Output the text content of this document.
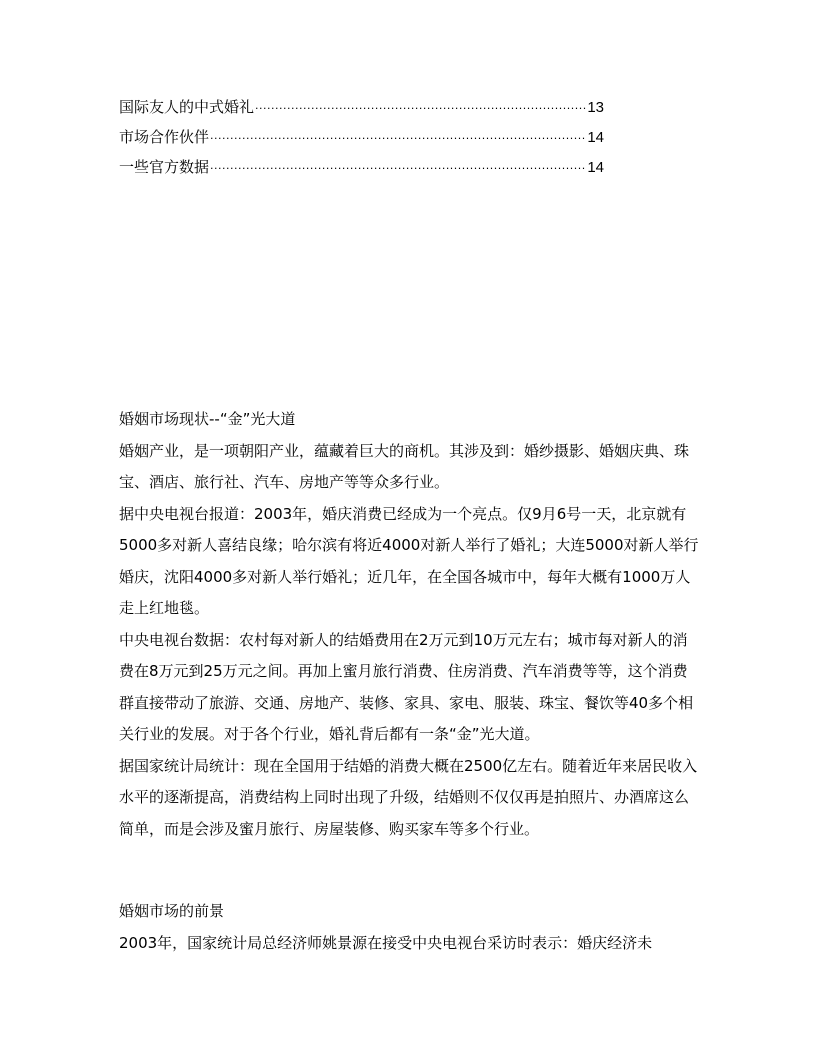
国际友人的中式婚礼 ·····	13
市场合作伙伴 ·····	14
一些官方数据 ·····	14

婚姻市场现状--“金”光大道

婚姻产业，是一项朝阳产业，蕴藏着巨大的商机。其涉及到：婚纱摄影、婚姻庆典、珠宝、酒店、旅行社、汽车、房地产等等众多行业。

据中央电视台报道：2003年，婚庆消费已经成为一个亮点。仅9月6号一天，北京就有5000多对新人喜结良缘；哈尔滨有将近4000对新人举行了婚礼；大连5000对新人举行婚庆，沈阳4000多对新人举行婚礼；近几年，在全国各城市中，每年大概有1000万人走上红地毯。

中央电视台数据：农村每对新人的结婚费用在2万元到10万元左右；城市每对新人的消费在8万元到25万元之间。再加上蜜月旅行消费、住房消费、汽车消费等等，这个消费群直接带动了旅游、交通、房地产、装修、家具、家电、服装、珠宝、餐饮等40多个相关行业的发展。对于各个行业，婚礼背后都有一条“金”光大道。

据国家统计局统计：现在全国用于结婚的消费大概在2500亿左右。随着近年来居民收入水平的逐渐提高，消费结构上同时出现了升级，结婚则不仅仅再是拍照片、办酒席这么简单，而是会涉及蜜月旅行、房屋装修、购买家车等多个行业。

婚姻市场的前景

2003年，国家统计局总经济师姚景源在接受中央电视台采访时表示：婚庆经济未
